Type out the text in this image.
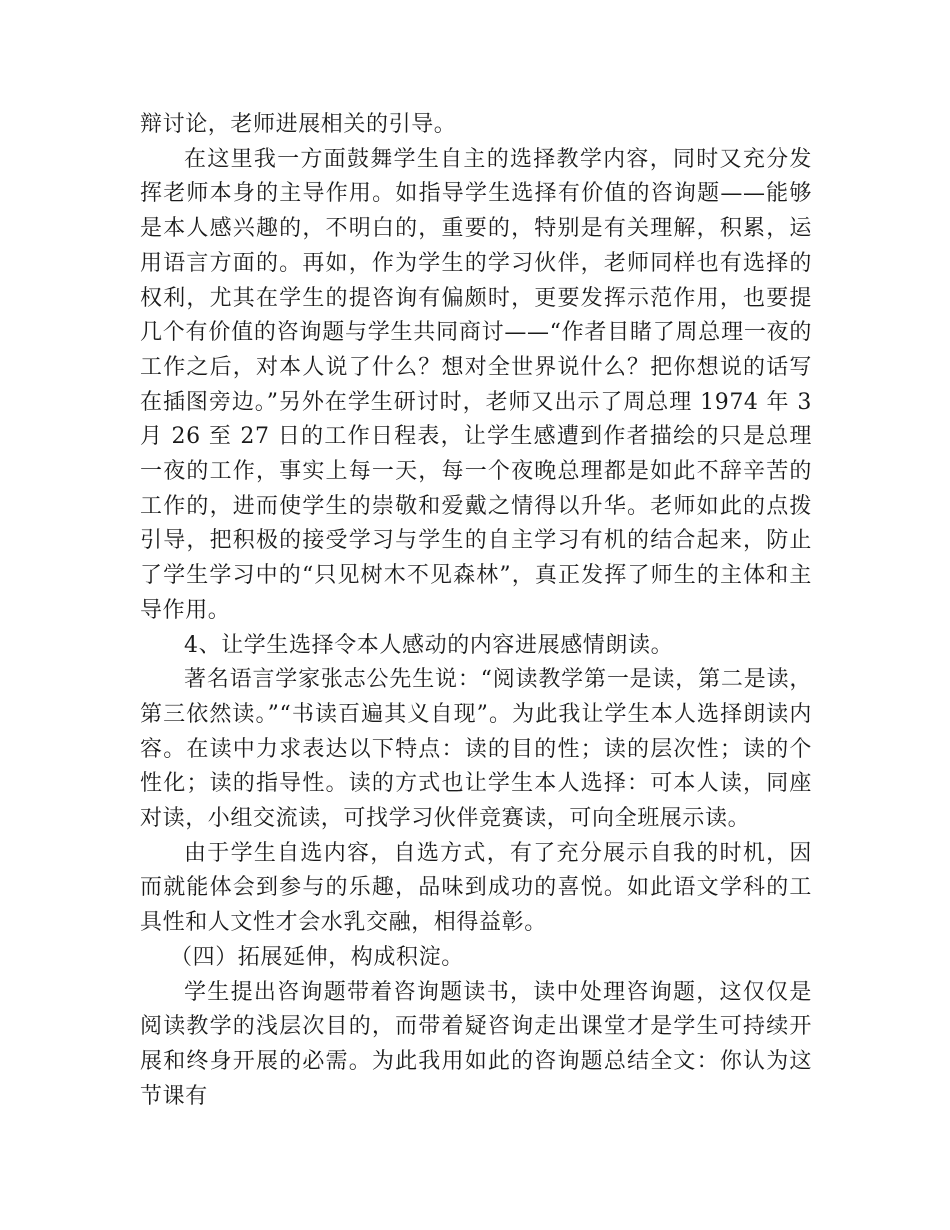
辩讨论，老师进展相关的引导。

在这里我一方面鼓舞学生自主的选择教学内容，同时又充分发挥老师本身的主导作用。如指导学生选择有价值的咨询题——能够是本人感兴趣的，不明白的，重要的，特别是有关理解，积累，运用语言方面的。再如，作为学生的学习伙伴，老师同样也有选择的权利，尤其在学生的提咨询有偏颇时，更要发挥示范作用，也要提几个有价值的咨询题与学生共同商讨——“作者目睹了周总理一夜的工作之后，对本人说了什么？想对全世界说什么？把你想说的话写在插图旁边。”另外在学生研讨时，老师又出示了周总理 1974 年 3 月 26 至 27 日的工作日程表，让学生感遭到作者描绘的只是总理一夜的工作，事实上每一天，每一个夜晚总理都是如此不辞辛苦的工作的，进而使学生的崇敬和爱戴之情得以升华。老师如此的点拨引导，把积极的接受学习与学生的自主学习有机的结合起来，防止了学生学习中的“只见树木不见森林”，真正发挥了师生的主体和主导作用。

4、让学生选择令本人感动的内容进展感情朗读。

著名语言学家张志公先生说：“阅读教学第一是读，第二是读，第三依然读。”“书读百遍其义自现”。为此我让学生本人选择朗读内容。在读中力求表达以下特点：读的目的性；读的层次性；读的个性化；读的指导性。读的方式也让学生本人选择：可本人读，同座对读，小组交流读，可找学习伙伴竞赛读，可向全班展示读。

由于学生自选内容，自选方式，有了充分展示自我的时机，因而就能体会到参与的乐趣，品味到成功的喜悦。如此语文学科的工具性和人文性才会水乳交融，相得益彰。

（四）拓展延伸，构成积淀。

学生提出咨询题带着咨询题读书，读中处理咨询题，这仅仅是阅读教学的浅层次目的，而带着疑咨询走出课堂才是学生可持续开展和终身开展的必需。为此我用如此的咨询题总结全文：你认为这节课有
